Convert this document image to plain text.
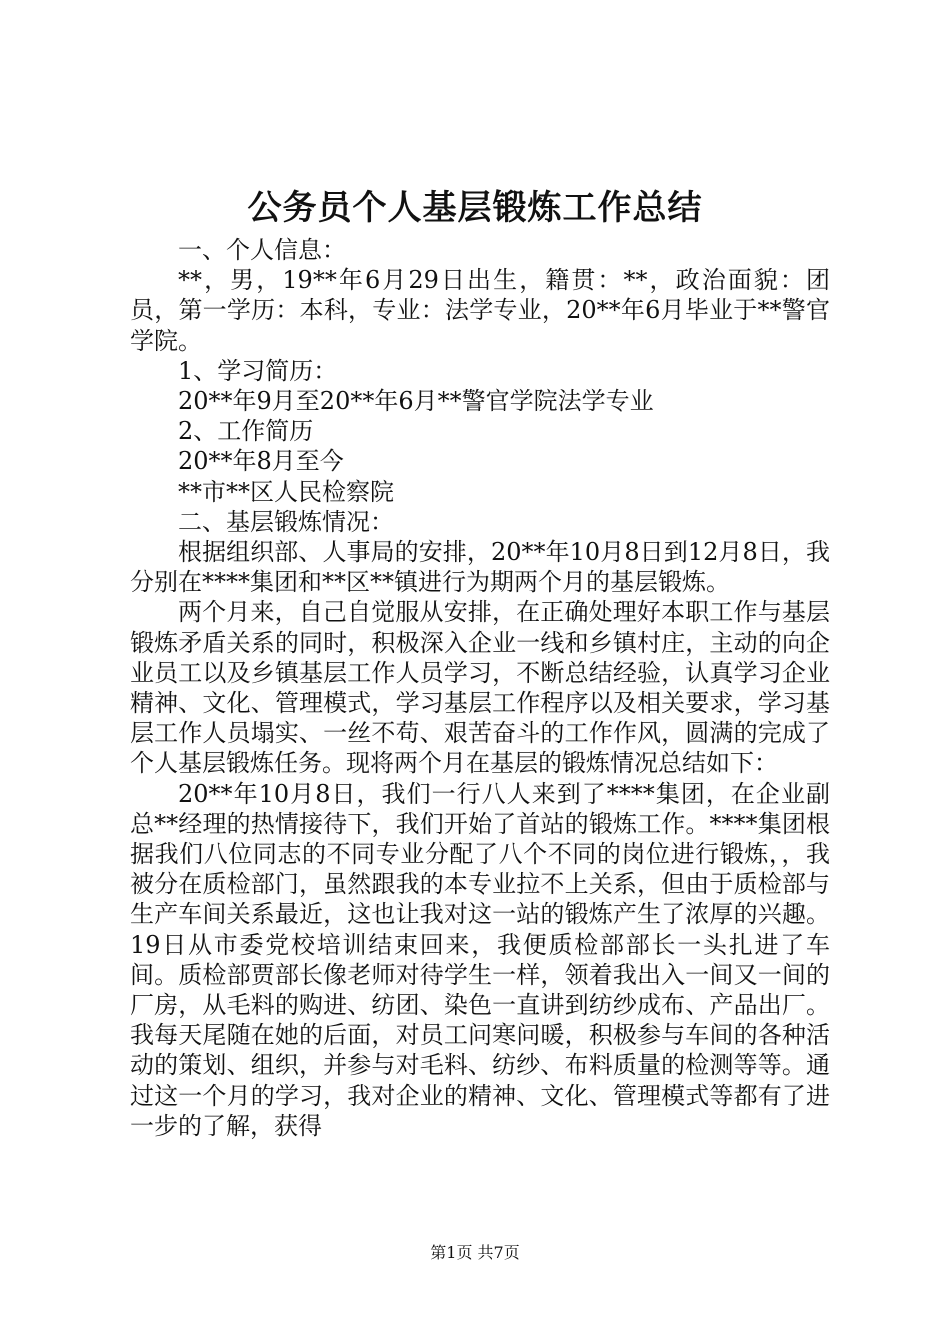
公务员个人基层锻炼工作总结

一、个人信息：

**，男，19**年6月29日出生，籍贯：**，政治面貌：团员，第一学历：本科，专业：法学专业，20**年6月毕业于**警官学院。

1、学习简历：

20**年9月至20**年6月**警官学院法学专业

2、工作简历

20**年8月至今

**市**区人民检察院

二、基层锻炼情况：

根据组织部、人事局的安排，20**年10月8日到12月8日，我分别在****集团和**区**镇进行为期两个月的基层锻炼。

两个月来，自己自觉服从安排，在正确处理好本职工作与基层锻炼矛盾关系的同时，积极深入企业一线和乡镇村庄，主动的向企业员工以及乡镇基层工作人员学习，不断总结经验，认真学习企业精神、文化、管理模式，学习基层工作程序以及相关要求，学习基层工作人员塌实、一丝不苟、艰苦奋斗的工作作风，圆满的完成了个人基层锻炼任务。现将两个月在基层的锻炼情况总结如下：

20**年10月8日，我们一行八人来到了****集团，在企业副总**经理的热情接待下，我们开始了首站的锻炼工作。****集团根据我们八位同志的不同专业分配了八个不同的岗位进行锻炼，，我被分在质检部门，虽然跟我的本专业拉不上关系，但由于质检部与生产车间关系最近，这也让我对这一站的锻炼产生了浓厚的兴趣。19日从市委党校培训结束回来，我便质检部部长一头扎进了车间。质检部贾部长像老师对待学生一样，领着我出入一间又一间的厂房，从毛料的购进、纺团、染色一直讲到纺纱成布、产品出厂。我每天尾随在她的后面，对员工问寒问暖，积极参与车间的各种活动的策划、组织，并参与对毛料、纺纱、布料质量的检测等等。通过这一个月的学习，我对企业的精神、文化、管理模式等都有了进一步的了解，获得

第1页 共7页
